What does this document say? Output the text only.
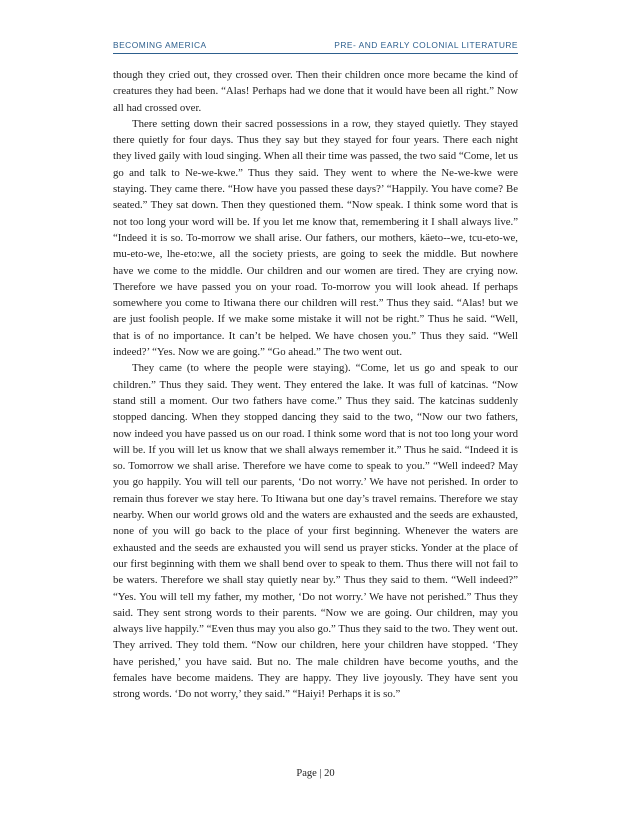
BECOMING AMERICA	PRE- AND EARLY COLONIAL LITERATURE

though they cried out, they crossed over. Then their children once more became the kind of creatures they had been. “Alas! Perhaps had we done that it would have been all right.” Now all had crossed over.

There setting down their sacred possessions in a row, they stayed quietly. They stayed there quietly for four days. Thus they say but they stayed for four years. There each night they lived gaily with loud singing. When all their time was passed, the two said “Come, let us go and talk to Ne-we-kwe.” Thus they said. They went to where the Ne-we-kwe were staying. They came there. “How have you passed these days?’ “Happily. You have come? Be seated.” They sat down. Then they questioned them. “Now speak. I think some word that is not too long your word will be. If you let me know that, remembering it I shall always live.” “Indeed it is so. To-morrow we shall arise. Our fathers, our mothers, käeto--we, tcu-eto-we, mu-eto-we, lhe-eto:we, all the society priests, are going to seek the middle. But nowhere have we come to the middle. Our children and our women are tired. They are crying now. Therefore we have passed you on your road. To-morrow you will look ahead. If perhaps somewhere you come to Itiwana there our children will rest.” Thus they said. “Alas! but we are just foolish people. If we make some mistake it will not be right.” Thus he said. “Well, that is of no importance. It can’t be helped. We have chosen you.” Thus they said. “Well indeed?’ “Yes. Now we are going.” “Go ahead.” The two went out.

They came (to where the people were staying). “Come, let us go and speak to our children.” Thus they said. They went. They entered the lake. It was full of katcinas. “Now stand still a moment. Our two fathers have come.” Thus they said. The katcinas suddenly stopped dancing. When they stopped dancing they said to the two, “Now our two fathers, now indeed you have passed us on our road. I think some word that is not too long your word will be. If you will let us know that we shall always remember it.” Thus he said. “Indeed it is so. Tomorrow we shall arise. Therefore we have come to speak to you.” “Well indeed? May you go happily. You will tell our parents, ‘Do not worry.’ We have not perished. In order to remain thus forever we stay here. To Itiwana but one day’s travel remains. Therefore we stay nearby. When our world grows old and the waters are exhausted and the seeds are exhausted, none of you will go back to the place of your first beginning. Whenever the waters are exhausted and the seeds are exhausted you will send us prayer sticks. Yonder at the place of our first beginning with them we shall bend over to speak to them. Thus there will not fail to be waters. Therefore we shall stay quietly near by.” Thus they said to them. “Well indeed?” “Yes. You will tell my father, my mother, ‘Do not worry.’ We have not perished.” Thus they said. They sent strong words to their parents. “Now we are going. Our children, may you always live happily.” “Even thus may you also go.” Thus they said to the two. They went out. They arrived. They told them. “Now our children, here your children have stopped. ‘They have perished,’ you have said. But no. The male children have become youths, and the females have become maidens. They are happy. They live joyously. They have sent you strong words. ‘Do not worry,’ they said.” “Haiyi! Perhaps it is so.”

Page | 20
